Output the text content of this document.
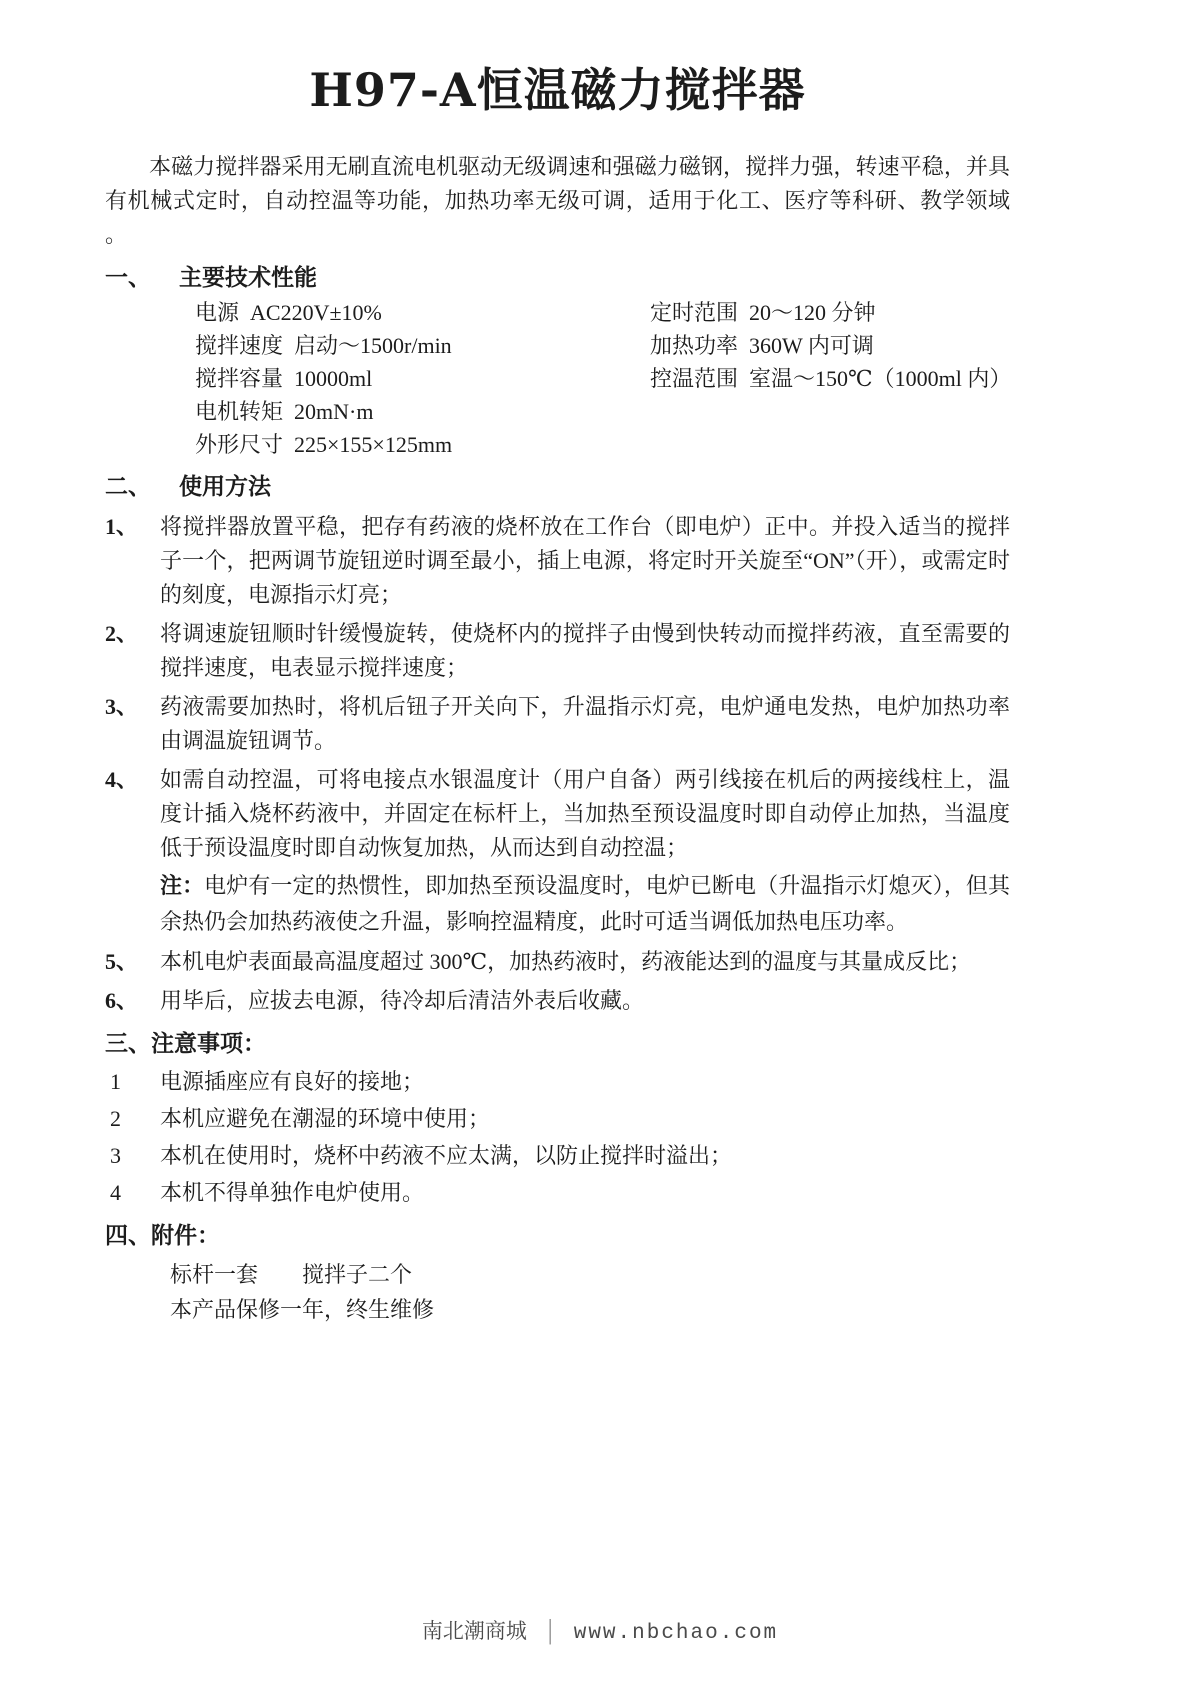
H97-A恒温磁力搅拌器

本磁力搅拌器采用无刷直流电机驱动无级调速和强磁力磁钢，搅拌力强，转速平稳，并具有机械式定时，自动控温等功能，加热功率无级可调，适用于化工、医疗等科研、教学领域 。

一、 主要技术性能
电源 AC220V±10%	定时范围 20～120 分钟
搅拌速度 启动～1500r/min	加热功率 360W 内可调
搅拌容量 10000ml	控温范围 室温～150℃（1000ml 内）
电机转矩 20mN·m
外形尺寸 225×155×125mm
二、 使用方法
1、 将搅拌器放置平稳，把存有药液的烧杯放在工作台（即电炉）正中。并投入适当的搅拌子一个，把两调节旋钮逆时调至最小，插上电源，将定时开关旋至“ON”（开），或需定时的刻度，电源指示灯亮；
2、 将调速旋钮顺时针缓慢旋转，使烧杯内的搅拌子由慢到快转动而搅拌药液，直至需要的搅拌速度，电表显示搅拌速度；
3、 药液需要加热时，将机后钮子开关向下，升温指示灯亮，电炉通电发热，电炉加热功率由调温旋钮调节。
4、 如需自动控温，可将电接点水银温度计（用户自备）两引线接在机后的两接线柱上，温度计插入烧杯药液中，并固定在标杆上，当加热至预设温度时即自动停止加热，当温度低于预设温度时即自动恢复加热，从而达到自动控温；
注：电炉有一定的热惯性，即加热至预设温度时，电炉已断电（升温指示灯熄灭），但其余热仍会加热药液使之升温，影响控温精度，此时可适当调低加热电压功率。
5、 本机电炉表面最高温度超过 300℃，加热药液时，药液能达到的温度与其量成反比；
6、 用毕后，应拔去电源，待冷却后清洁外表后收藏。
三、注意事项：
1	电源插座应有良好的接地；
2	本机应避免在潮湿的环境中使用；
3	本机在使用时，烧杯中药液不应太满，以防止搅拌时溢出；
4	本机不得单独作电炉使用。
四、附件：
标杆一套　　搅拌子二个
本产品保修一年，终生维修
南北潮商城 │ www.nbchao.com
